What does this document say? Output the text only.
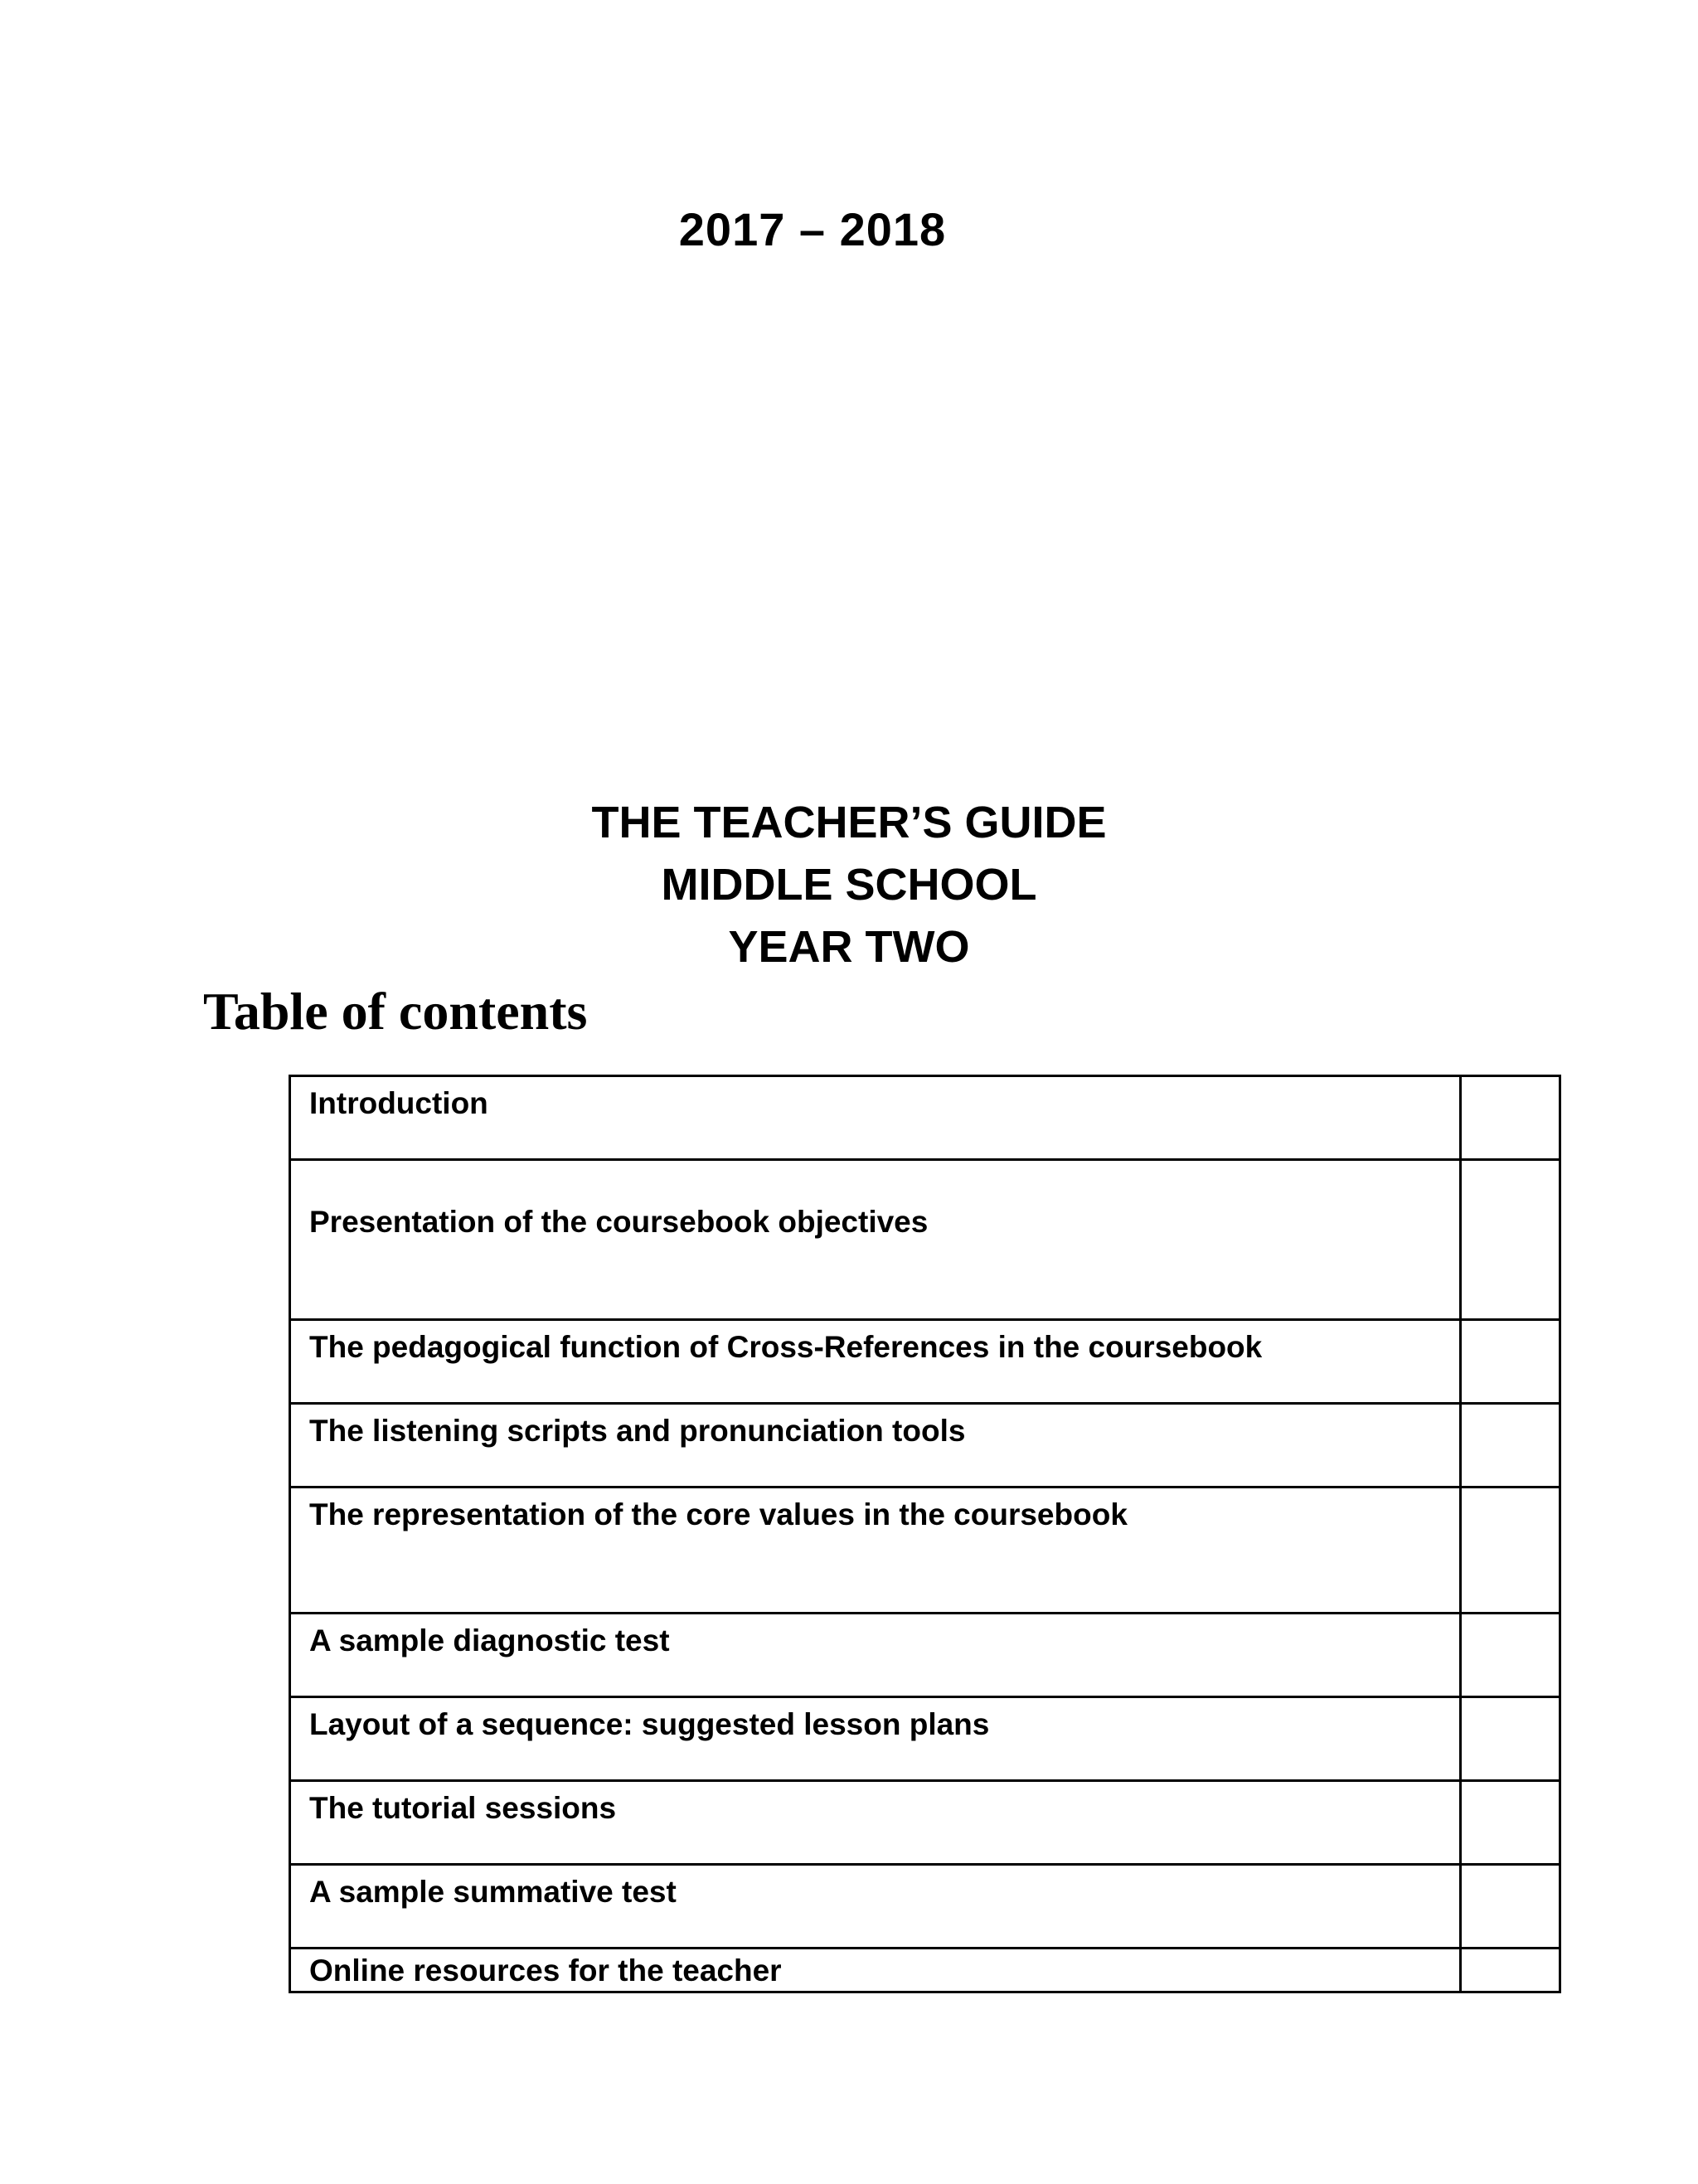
2017 – 2018
THE TEACHER’S GUIDE
MIDDLE SCHOOL
YEAR TWO
Table of contents
Introduction	
Presentation of the coursebook objectives	
The pedagogical function of Cross-References in the coursebook	
The listening scripts and pronunciation tools	
The representation of the core values in the coursebook	
A sample diagnostic test	
Layout of a sequence: suggested lesson plans	
The tutorial sessions	
A sample summative test	
Online resources for the teacher	
